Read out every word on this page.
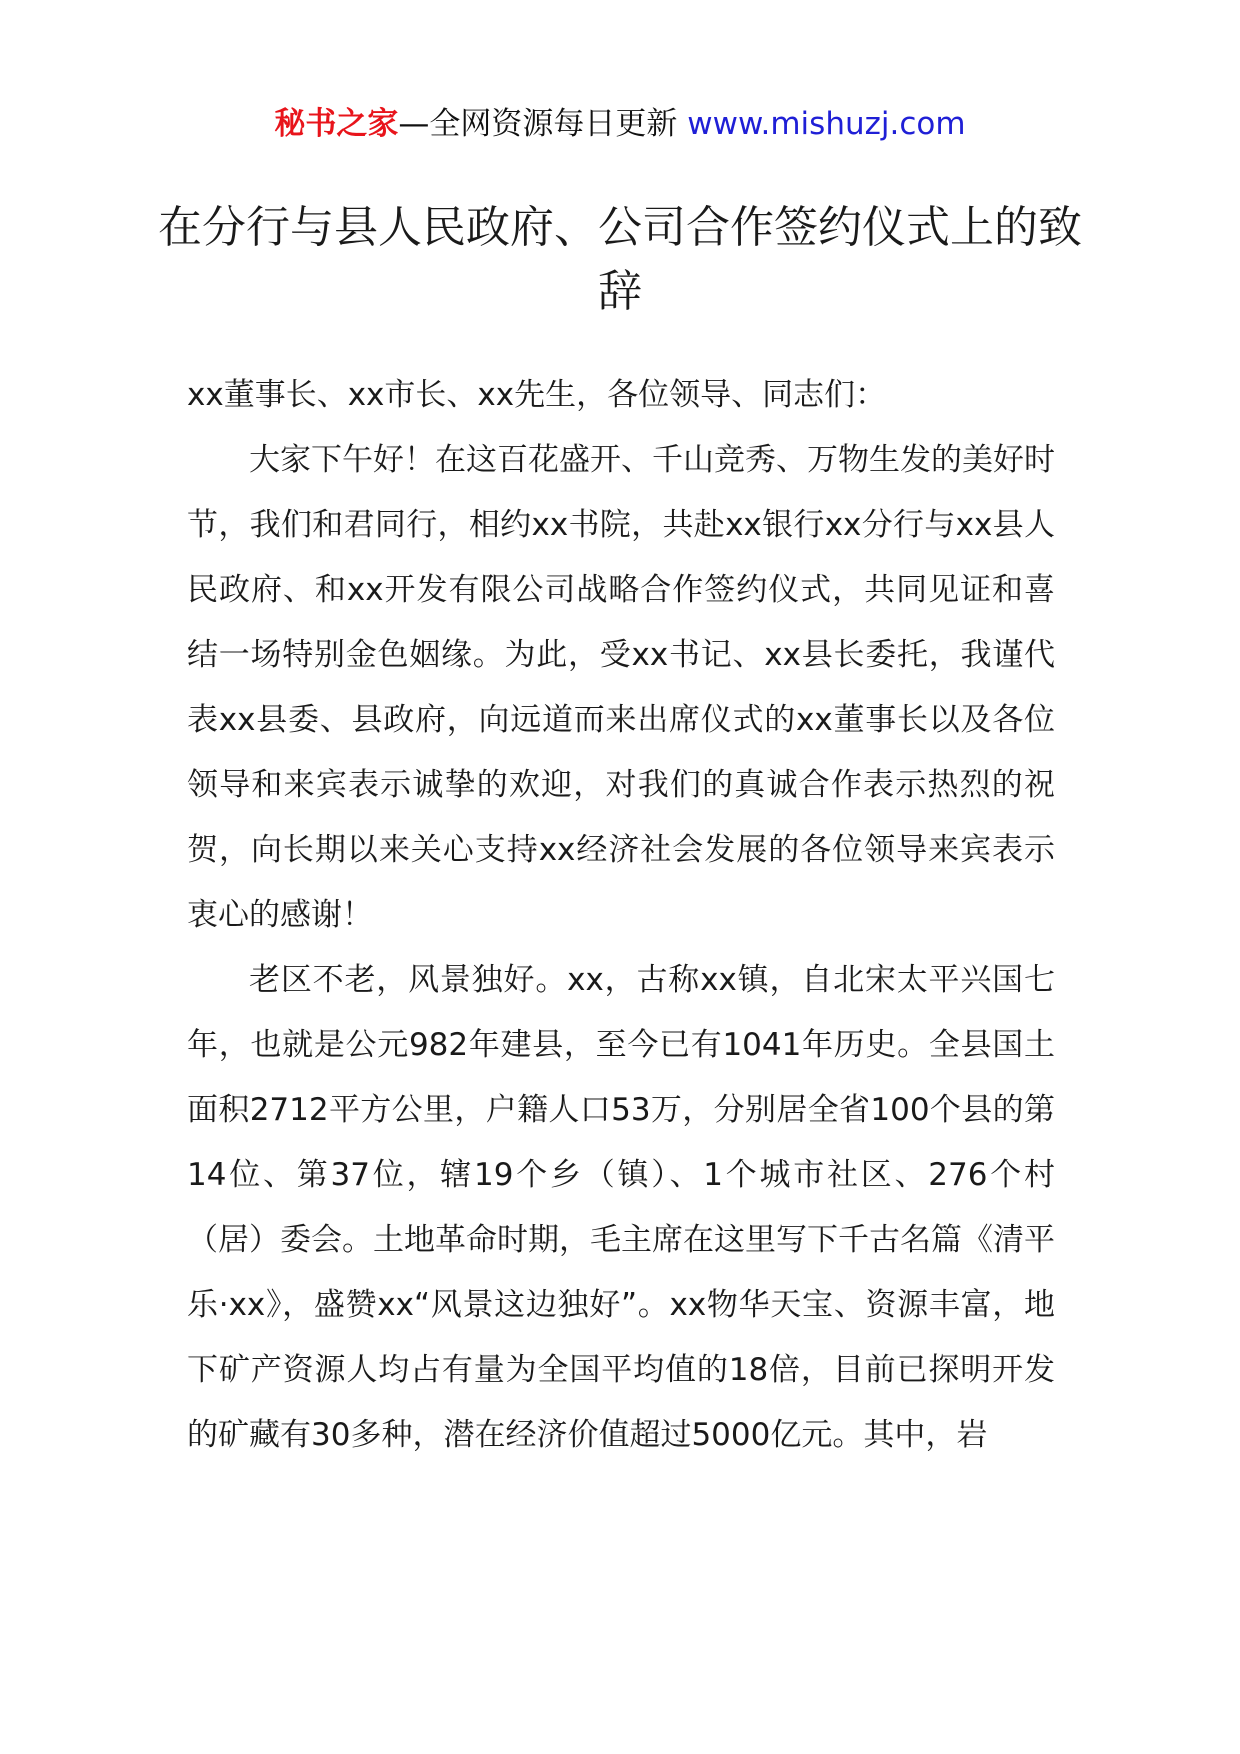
秘书之家—全网资源每日更新 www.mishuzj.com
在分行与县人民政府、公司合作签约仪式上的致辞

xx董事长、xx市长、xx先生，各位领导、同志们：

大家下午好！在这百花盛开、千山竞秀、万物生发的美好时节，我们和君同行，相约xx书院，共赴xx银行xx分行与xx县人民政府、和xx开发有限公司战略合作签约仪式，共同见证和喜结一场特别金色姻缘。为此，受xx书记、xx县长委托，我谨代表xx县委、县政府，向远道而来出席仪式的xx董事长以及各位领导和来宾表示诚挚的欢迎，对我们的真诚合作表示热烈的祝贺，向长期以来关心支持xx经济社会发展的各位领导来宾表示衷心的感谢！

老区不老，风景独好。xx，古称xx镇，自北宋太平兴国七年，也就是公元982年建县，至今已有1041年历史。全县国土面积2712平方公里，户籍人口53万，分别居全省100个县的第14位、第37位，辖19个乡（镇）、1个城市社区、276个村（居）委会。土地革命时期，毛主席在这里写下千古名篇《清平乐·xx》，盛赞xx“风景这边独好”。xx物华天宝、资源丰富，地下矿产资源人均占有量为全国平均值的18倍，目前已探明开发的矿藏有30多种，潜在经济价值超过5000亿元。其中，岩
